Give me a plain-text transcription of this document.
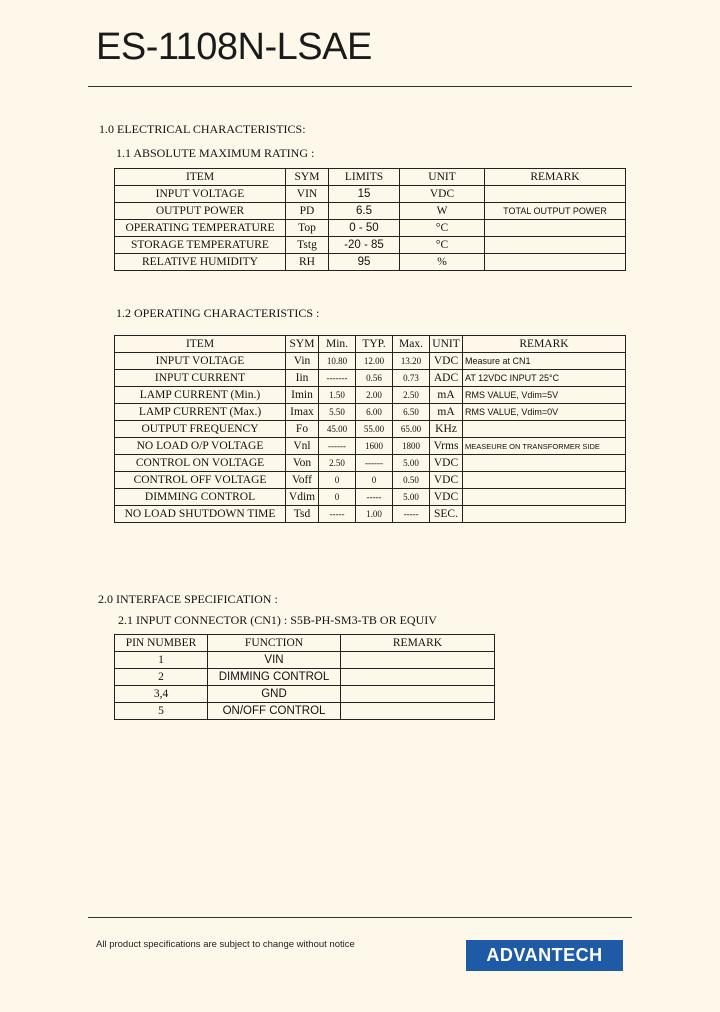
ES-1108N-LSAE
1.0 ELECTRICAL CHARACTERISTICS:
1.1 ABSOLUTE MAXIMUM RATING :
ITEM	SYM	LIMITS	UNIT	REMARK
INPUT VOLTAGE	VIN	15	VDC	
OUTPUT POWER	PD	6.5	W	TOTAL OUTPUT POWER
OPERATING TEMPERATURE	Top	0 - 50	°C	
STORAGE TEMPERATURE	Tstg	-20 - 85	°C	
RELATIVE HUMIDITY	RH	95	%	
1.2 OPERATING CHARACTERISTICS :
ITEM	SYM	Min.	TYP.	Max.	UNIT	REMARK
INPUT VOLTAGE	Vin	10.80	12.00	13.20	VDC	Measure at CN1
INPUT CURRENT	Iin	-------	0.56	0.73	ADC	AT 12VDC INPUT 25°C
LAMP CURRENT (Min.)	Imin	1.50	2.00	2.50	mA	RMS VALUE, Vdim=5V
LAMP CURRENT (Max.)	Imax	5.50	6.00	6.50	mA	RMS VALUE, Vdim=0V
OUTPUT FREQUENCY	Fo	45.00	55.00	65.00	KHz	
NO LOAD O/P VOLTAGE	Vnl	------	1600	1800	Vrms	MEASEURE ON TRANSFORMER SIDE
CONTROL ON VOLTAGE	Von	2.50	------	5.00	VDC	
CONTROL OFF VOLTAGE	Voff	0	0	0.50	VDC	
DIMMING CONTROL	Vdim	0	-----	5.00	VDC	
NO LOAD SHUTDOWN TIME	Tsd	-----	1.00	-----	SEC.	
2.0 INTERFACE SPECIFICATION :
2.1 INPUT CONNECTOR (CN1) : S5B-PH-SM3-TB OR EQUIV
PIN NUMBER	FUNCTION	REMARK
1	VIN	
2	DIMMING CONTROL	
3,4	GND	
5	ON/OFF CONTROL	
All product specifications are subject to change without notice
ADVANTECH
